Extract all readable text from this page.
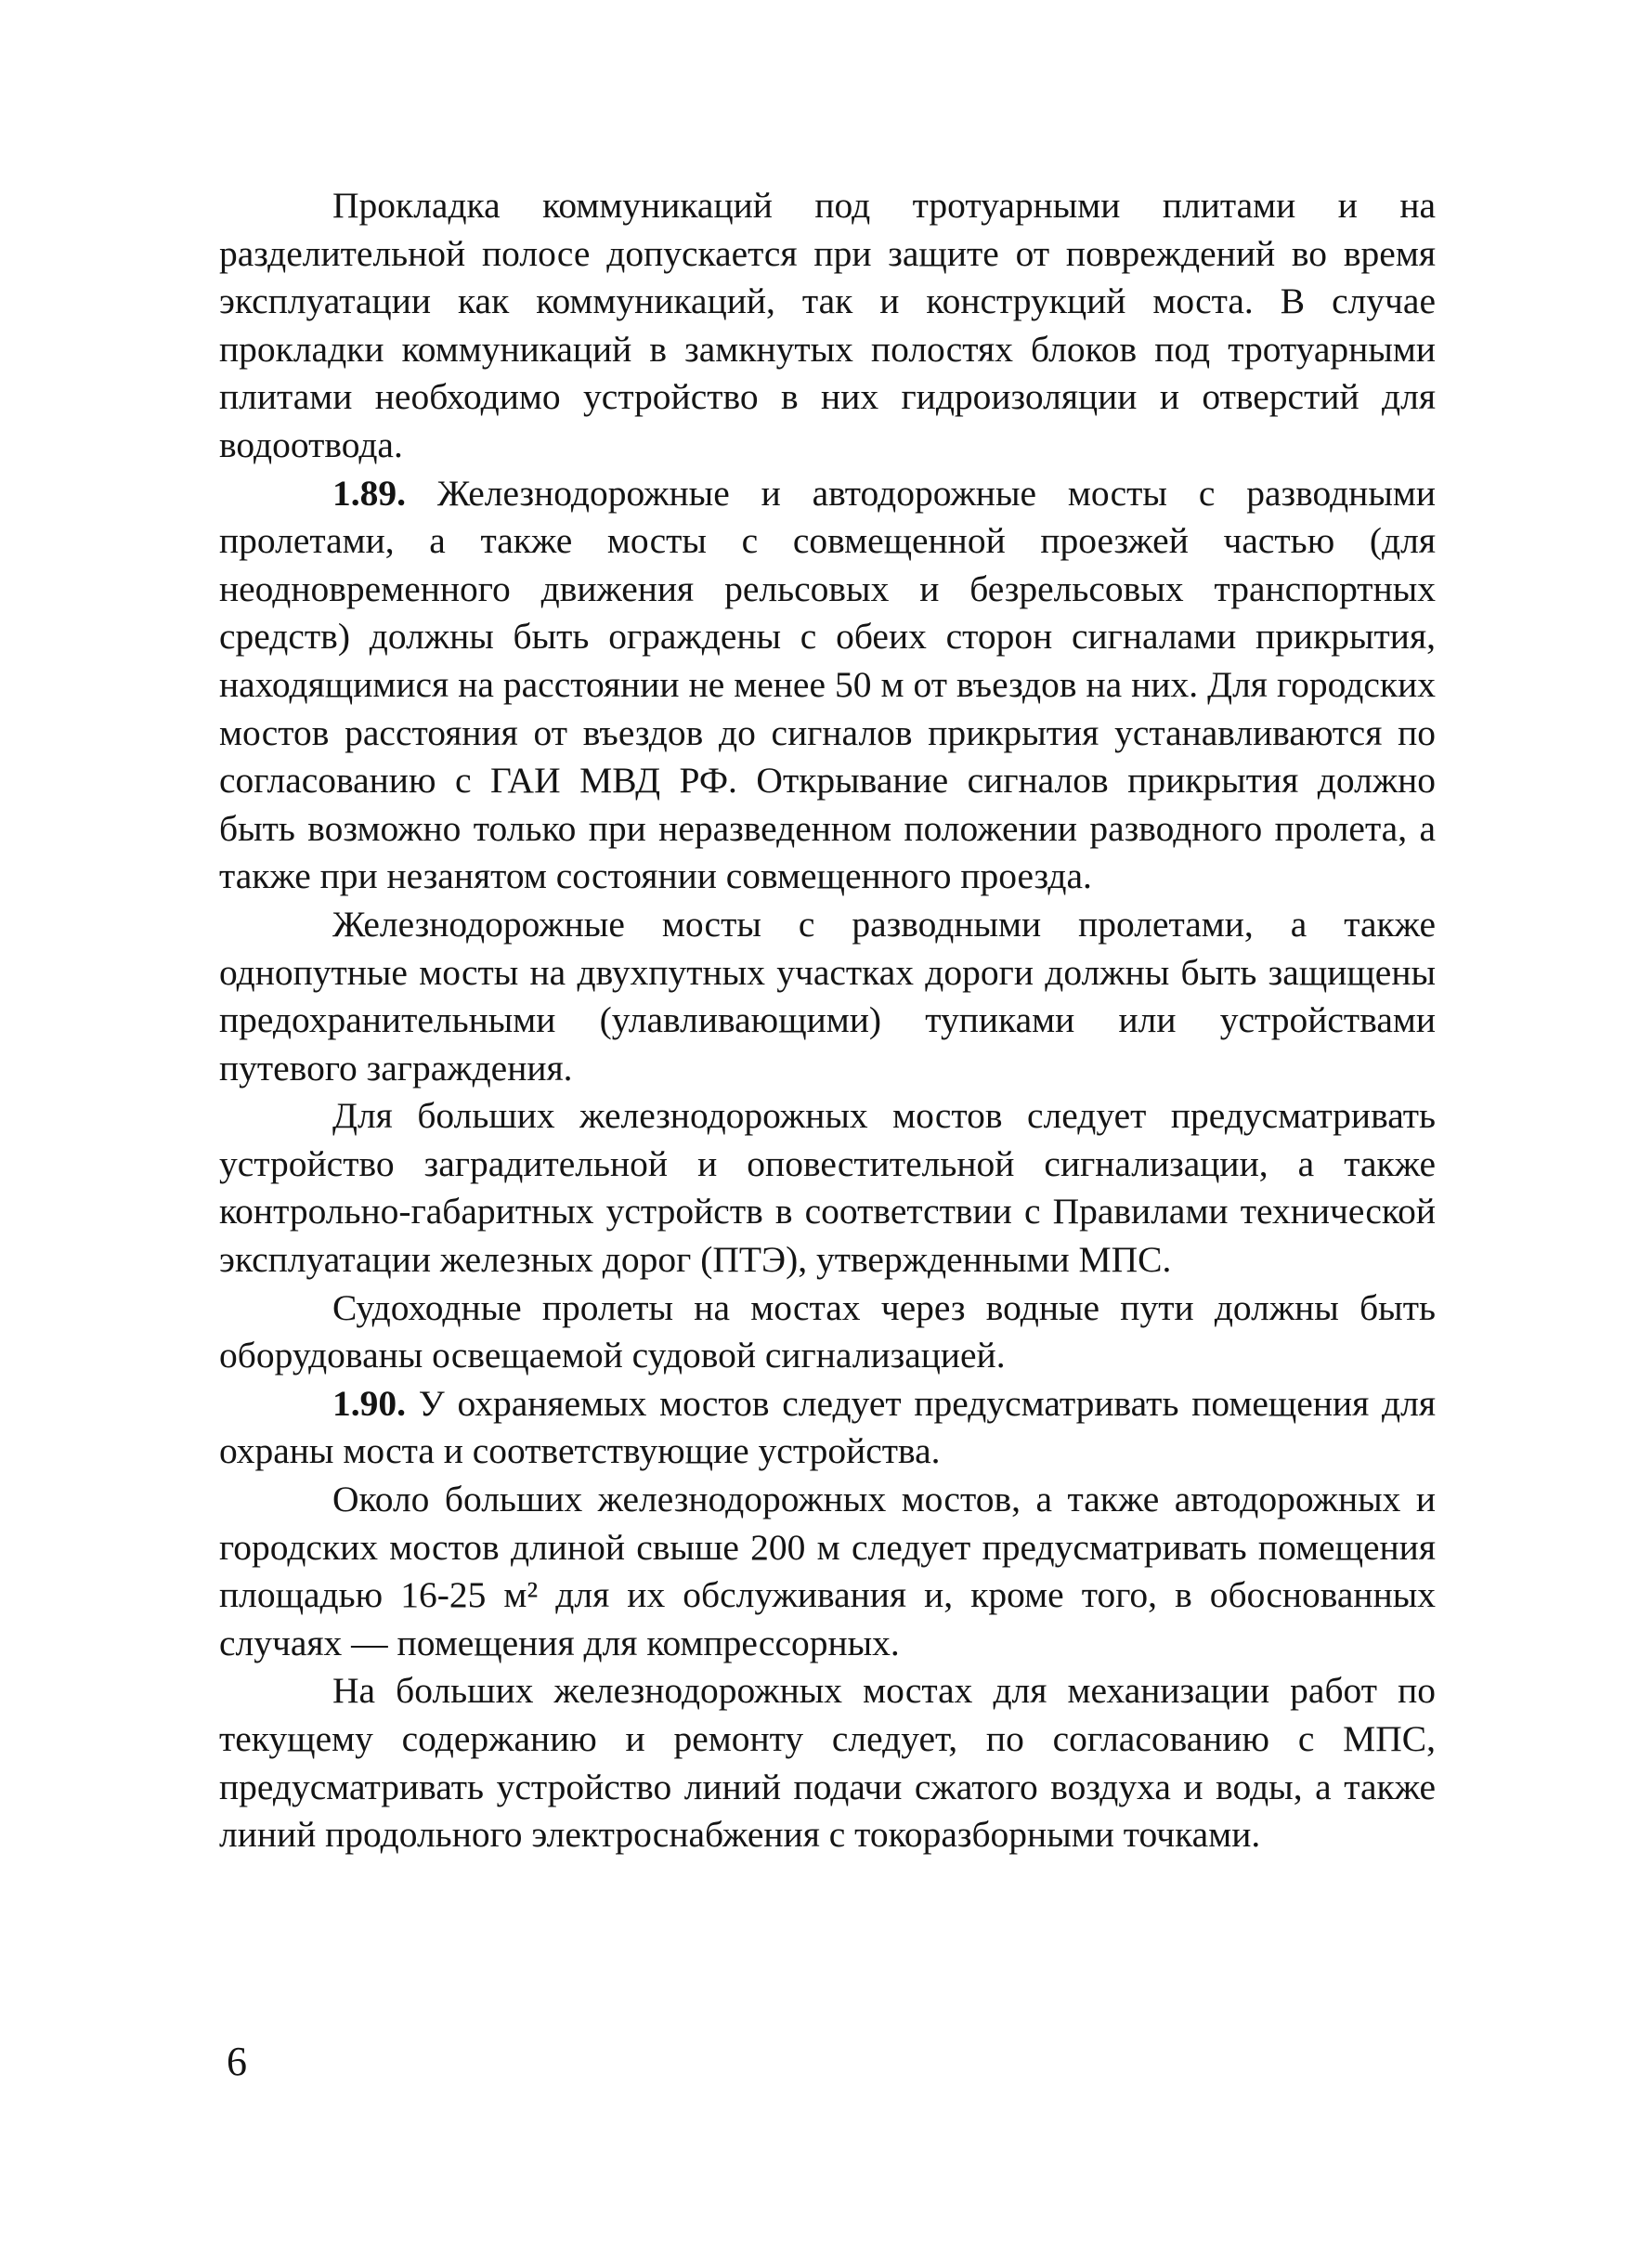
Прокладка коммуникаций под тротуарными плитами и на разделительной полосе допускается при защите от повреждений во время эксплуатации как коммуникаций, так и конструкций моста. В случае прокладки коммуникаций в замкнутых полостях блоков под тротуарными плитами необходимо устройство в них гидроизоляции и отверстий для водоотвода.

1.89. Железнодорожные и автодорожные мосты с разводными пролетами, а также мосты с совмещенной проезжей частью (для неодновременного движения рельсовых и безрельсовых транспортных средств) должны быть ограждены с обеих сторон сигналами прикрытия, находящимися на расстоянии не менее 50 м от въездов на них. Для городских мостов расстояния от въездов до сигналов прикрытия устанавливаются по согласованию с ГАИ МВД РФ. Открывание сигналов прикрытия должно быть возможно только при неразведенном положении разводного пролета, а также при незанятом состоянии совмещенного проезда.

Железнодорожные мосты с разводными пролетами, а также однопутные мосты на двухпутных участках дороги должны быть защищены предохранительными (улавливающими) тупиками или устройствами путевого заграждения.

Для больших железнодорожных мостов следует предусматривать устройство заградительной и оповестительной сигнализации, а также контрольно-габаритных устройств в соответствии с Правилами технической эксплуатации железных дорог (ПТЭ), утвержденными МПС.

Судоходные пролеты на мостах через водные пути должны быть оборудованы освещаемой судовой сигнализацией.

1.90. У охраняемых мостов следует предусматривать помещения для охраны моста и соответствующие устройства.

Около больших железнодорожных мостов, а также автодорожных и городских мостов длиной свыше 200 м следует предусматривать помещения площадью 16-25 м² для их обслуживания и, кроме того, в обоснованных случаях — помещения для компрессорных.

На больших железнодорожных мостах для механизации работ по текущему содержанию и ремонту следует, по согласованию с МПС, предусматривать устройство линий подачи сжатого воздуха и воды, а также линий продольного электроснабжения с токоразборными точками.

6
